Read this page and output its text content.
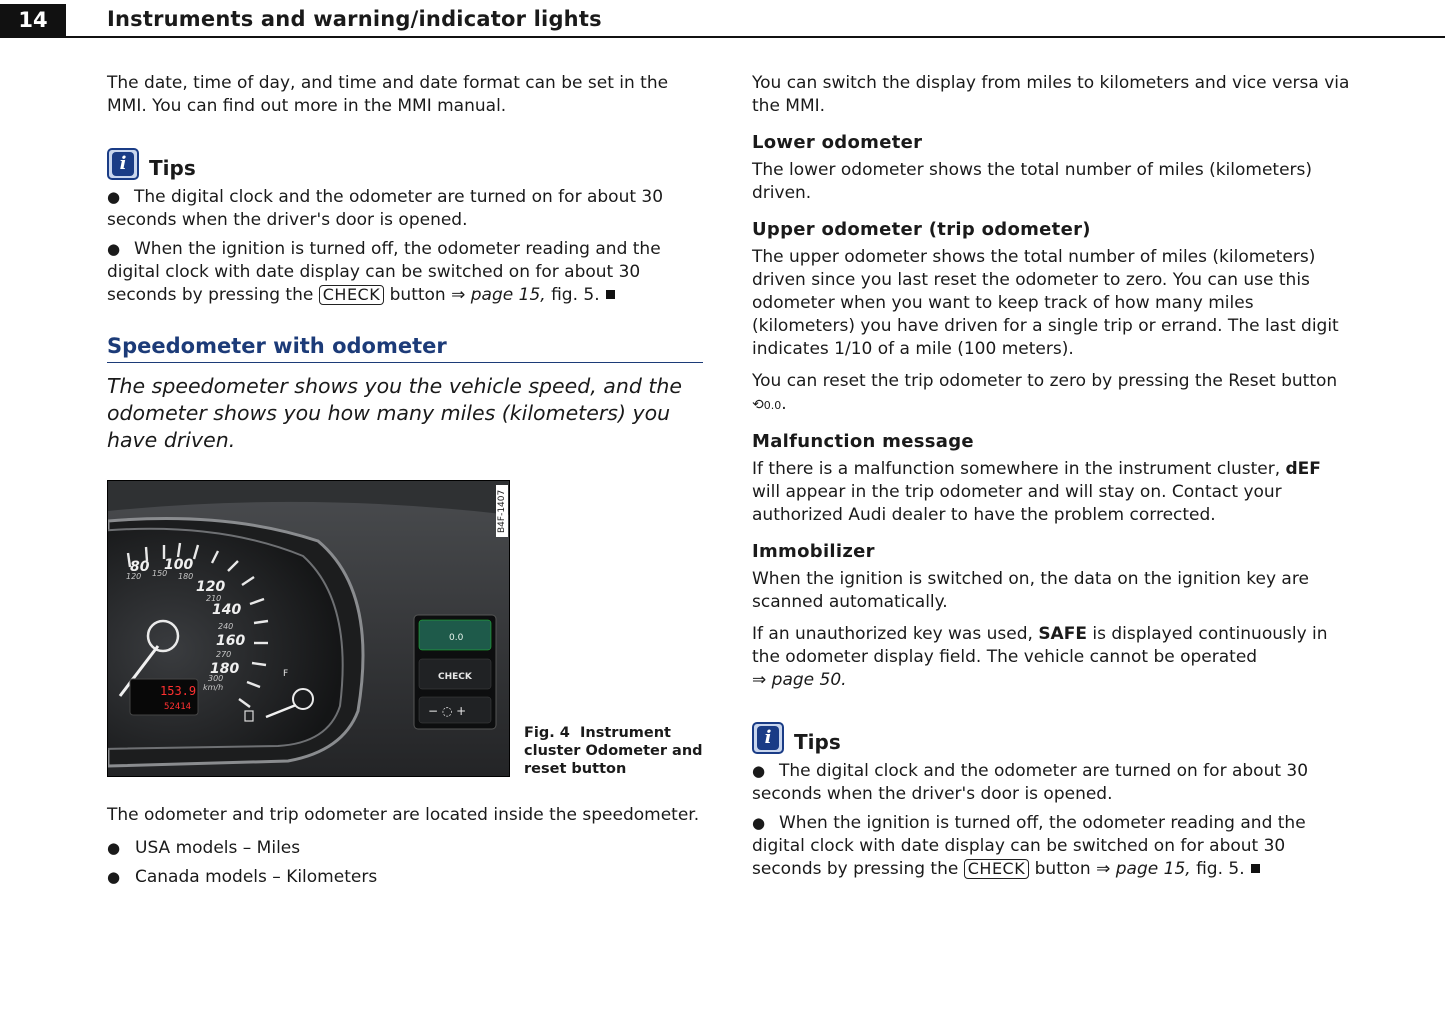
14	Instruments and warning/indicator lights

The date, time of day, and time and date format can be set in the MMI. You can find out more in the MMI manual.

i	Tips

● The digital clock and the odometer are turned on for about 30 seconds when the driver's door is opened.

● When the ignition is turned off, the odometer reading and the digital clock with date display can be switched on for about 30 seconds by pressing the CHECK button ⇒ page 15, fig. 5.

Speedometer with odometer

The speedometer shows you the vehicle speed, and the odometer shows you how many miles (kilometers) you have driven.

80 100
120
140
160
180
120 150 180
210
240
270
300
km/h
153.9
52414
F
0.0
CHECK
− ◌ +
B4F-1407
Fig. 4 Instrument cluster Odometer and reset button

The odometer and trip odometer are located inside the speedometer.

● USA models – Miles
● Canada models – Kilometers

You can switch the display from miles to kilometers and vice versa via the MMI.

Lower odometer

The lower odometer shows the total number of miles (kilometers) driven.

Upper odometer (trip odometer)

The upper odometer shows the total number of miles (kilometers) driven since you last reset the odometer to zero. You can use this odometer when you want to keep track of how many miles (kilometers) you have driven for a single trip or errand. The last digit indicates 1/10 of a mile (100 meters).

You can reset the trip odometer to zero by pressing the Reset button ⟲0.0.

Malfunction message

If there is a malfunction somewhere in the instrument cluster, dEF will appear in the trip odometer and will stay on. Contact your authorized Audi dealer to have the problem corrected.

Immobilizer

When the ignition is switched on, the data on the ignition key are scanned automatically.

If an unauthorized key was used, SAFE is displayed continuously in the odometer display field. The vehicle cannot be operated
⇒ page 50.

i	Tips

● The digital clock and the odometer are turned on for about 30 seconds when the driver's door is opened.

● When the ignition is turned off, the odometer reading and the digital clock with date display can be switched on for about 30 seconds by pressing the CHECK button ⇒ page 15, fig. 5.
